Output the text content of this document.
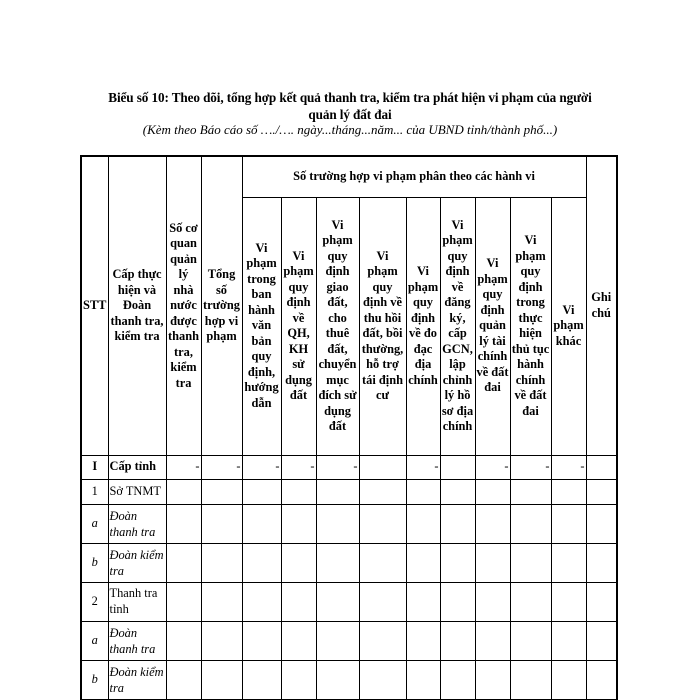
Biểu số 10: Theo dõi, tổng hợp kết quả thanh tra, kiểm tra phát hiện vi phạm của người
quản lý đất đai
(Kèm theo Báo cáo số …./…. ngày...tháng...năm... của UBND tỉnh/thành phố...)
STT	Cấp thực hiện và Đoàn thanh tra, kiểm tra	Số cơ quan quản lý nhà nước được thanh tra, kiểm tra	Tổng số trường hợp vi phạm	Số trường hợp vi phạm phân theo các hành vi									Ghi chú
				Vi phạm trong ban hành văn bản quy định, hướng dẫn	Vi phạm quy định về QH, KH sử dụng đất	Vi phạm quy định giao đất, cho thuê đất, chuyển mục đích sử dụng đất	Vi phạm quy định về thu hồi đất, bồi thường, hỗ trợ tái định cư	Vi phạm quy định về đo đạc địa chính	Vi phạm quy định về đăng ký, cấp GCN, lập chỉnh lý hồ sơ địa chính	Vi phạm quy định quản lý tài chính về đất đai	Vi phạm quy định trong thực hiện thủ tục hành chính về đất đai	Vi phạm khác	
I	Cấp tỉnh	-	-	-	-	-		-		-	-	-	
1	Sở TNMT												
a	Đoàn thanh tra												
b	Đoàn kiểm tra												
2	Thanh tra tỉnh												
a	Đoàn thanh tra												
b	Đoàn kiểm tra												
